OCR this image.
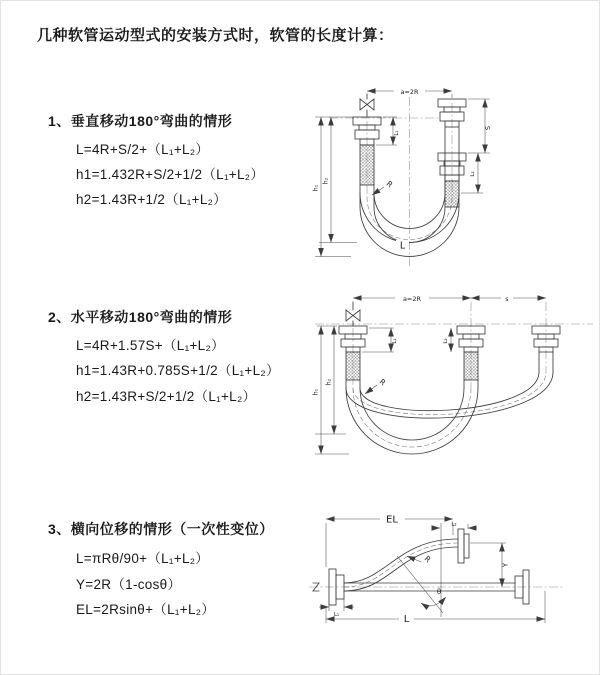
几种软管运动型式的安装方式时，软管的长度计算：
1、垂直移动180°弯曲的情形
L=4R+S/2+（L₁+L₂）
h1=1.432R+S/2+1/2（L₁+L₂）
h2=1.43R+1/2（L₁+L₂）
2、水平移动180°弯曲的情形
L=4R+1.57S+（L₁+L₂）
h1=1.43R+0.785S+1/2（L₁+L₂）
h2=1.43R+S/2+1/2（L₁+L₂）
3、横向位移的情形（一次性变位）
L=πRθ/90+（L₁+L₂）
Y=2R（1-cosθ）
EL=2Rsinθ+（L₁+L₂）
a=2R
L₁
S
L₂
h₂
h₁	R
L
a=2R	s
L₁	L₂
h₂
h₁
R
EL	L₂
Y
R
θ
L
L₁
